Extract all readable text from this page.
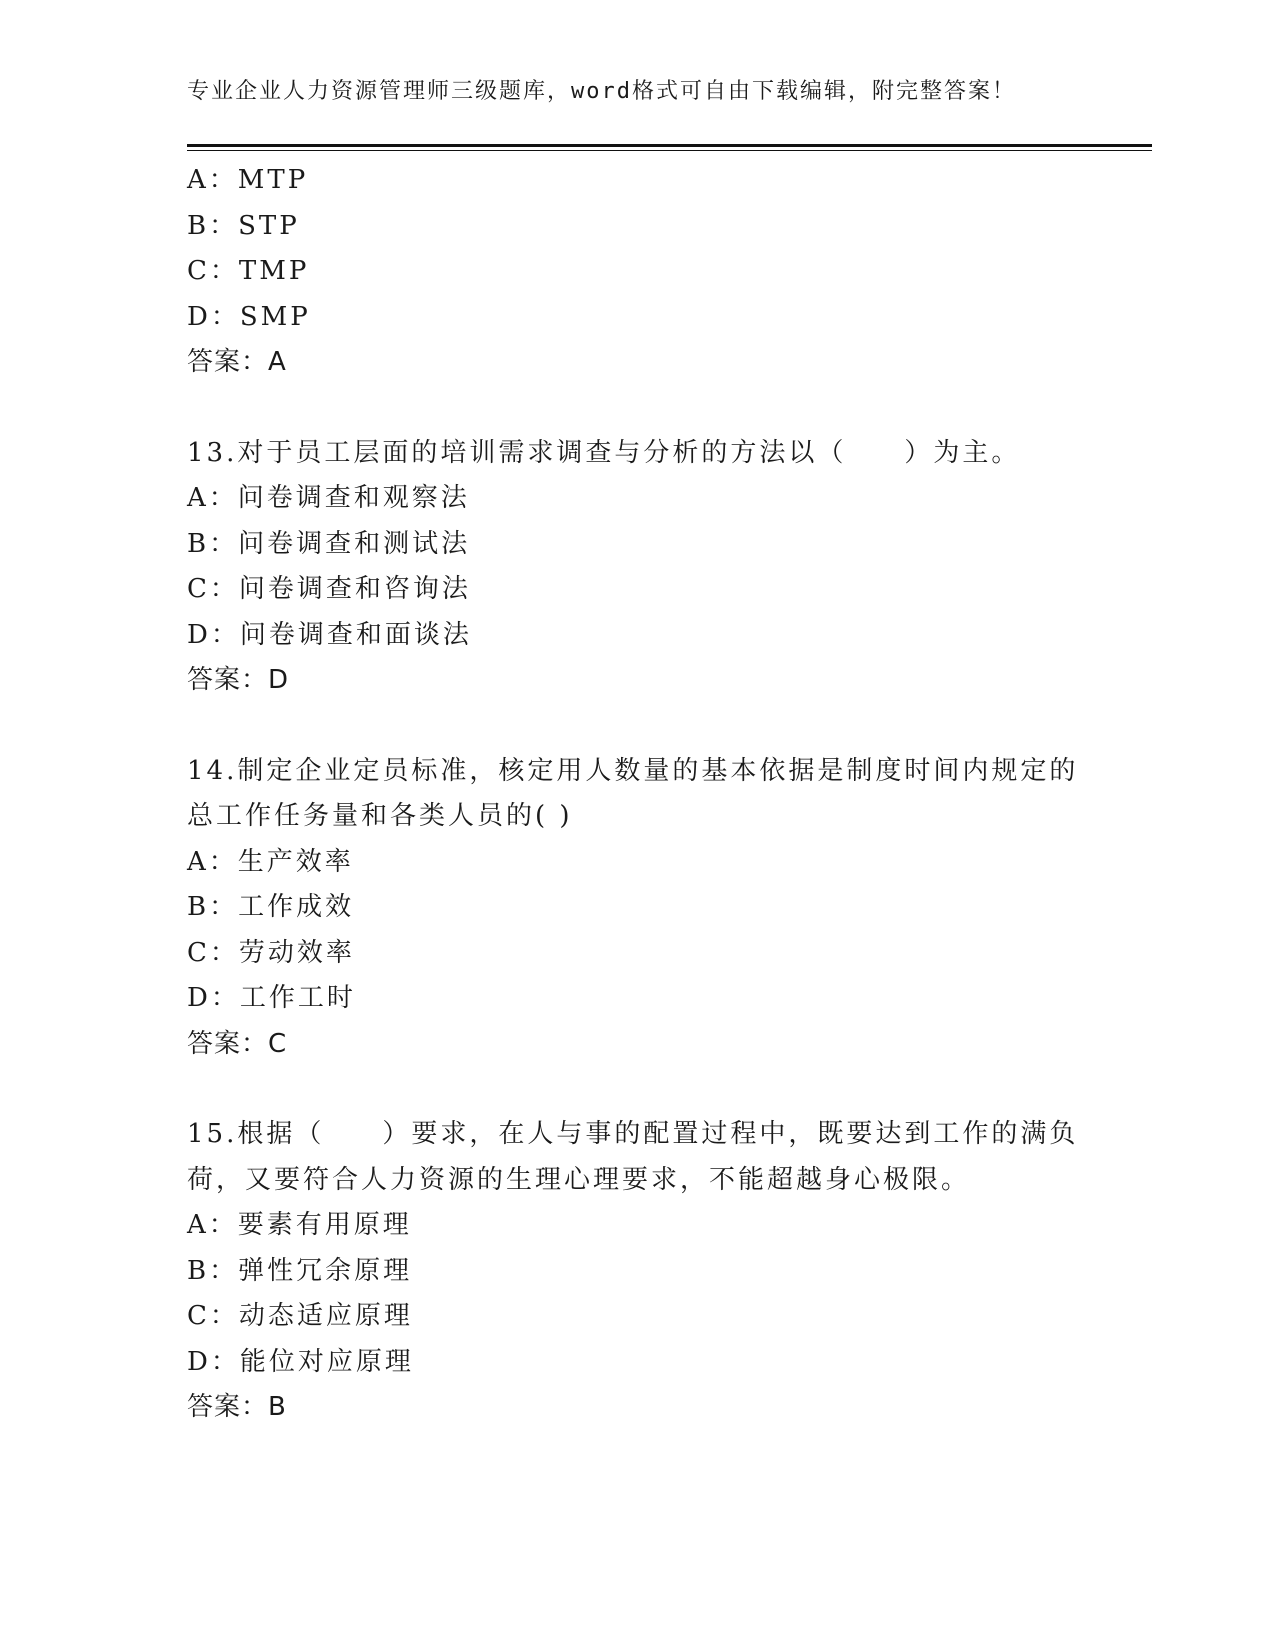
专业企业人力资源管理师三级题库，word格式可自由下载编辑，附完整答案！
A：MTP
B：STP
C：TMP
D：SMP
答案：A
13.对于员工层面的培训需求调查与分析的方法以（　　）为主。
A：问卷调查和观察法
B：问卷调查和测试法
C：问卷调查和咨询法
D：问卷调查和面谈法
答案：D
14.制定企业定员标准，核定用人数量的基本依据是制度时间内规定的
总工作任务量和各类人员的( )
A：生产效率
B：工作成效
C：劳动效率
D：工作工时
答案：C
15.根据（　　）要求，在人与事的配置过程中，既要达到工作的满负
荷，又要符合人力资源的生理心理要求，不能超越身心极限。
A：要素有用原理
B：弹性冗余原理
C：动态适应原理
D：能位对应原理
答案：B
